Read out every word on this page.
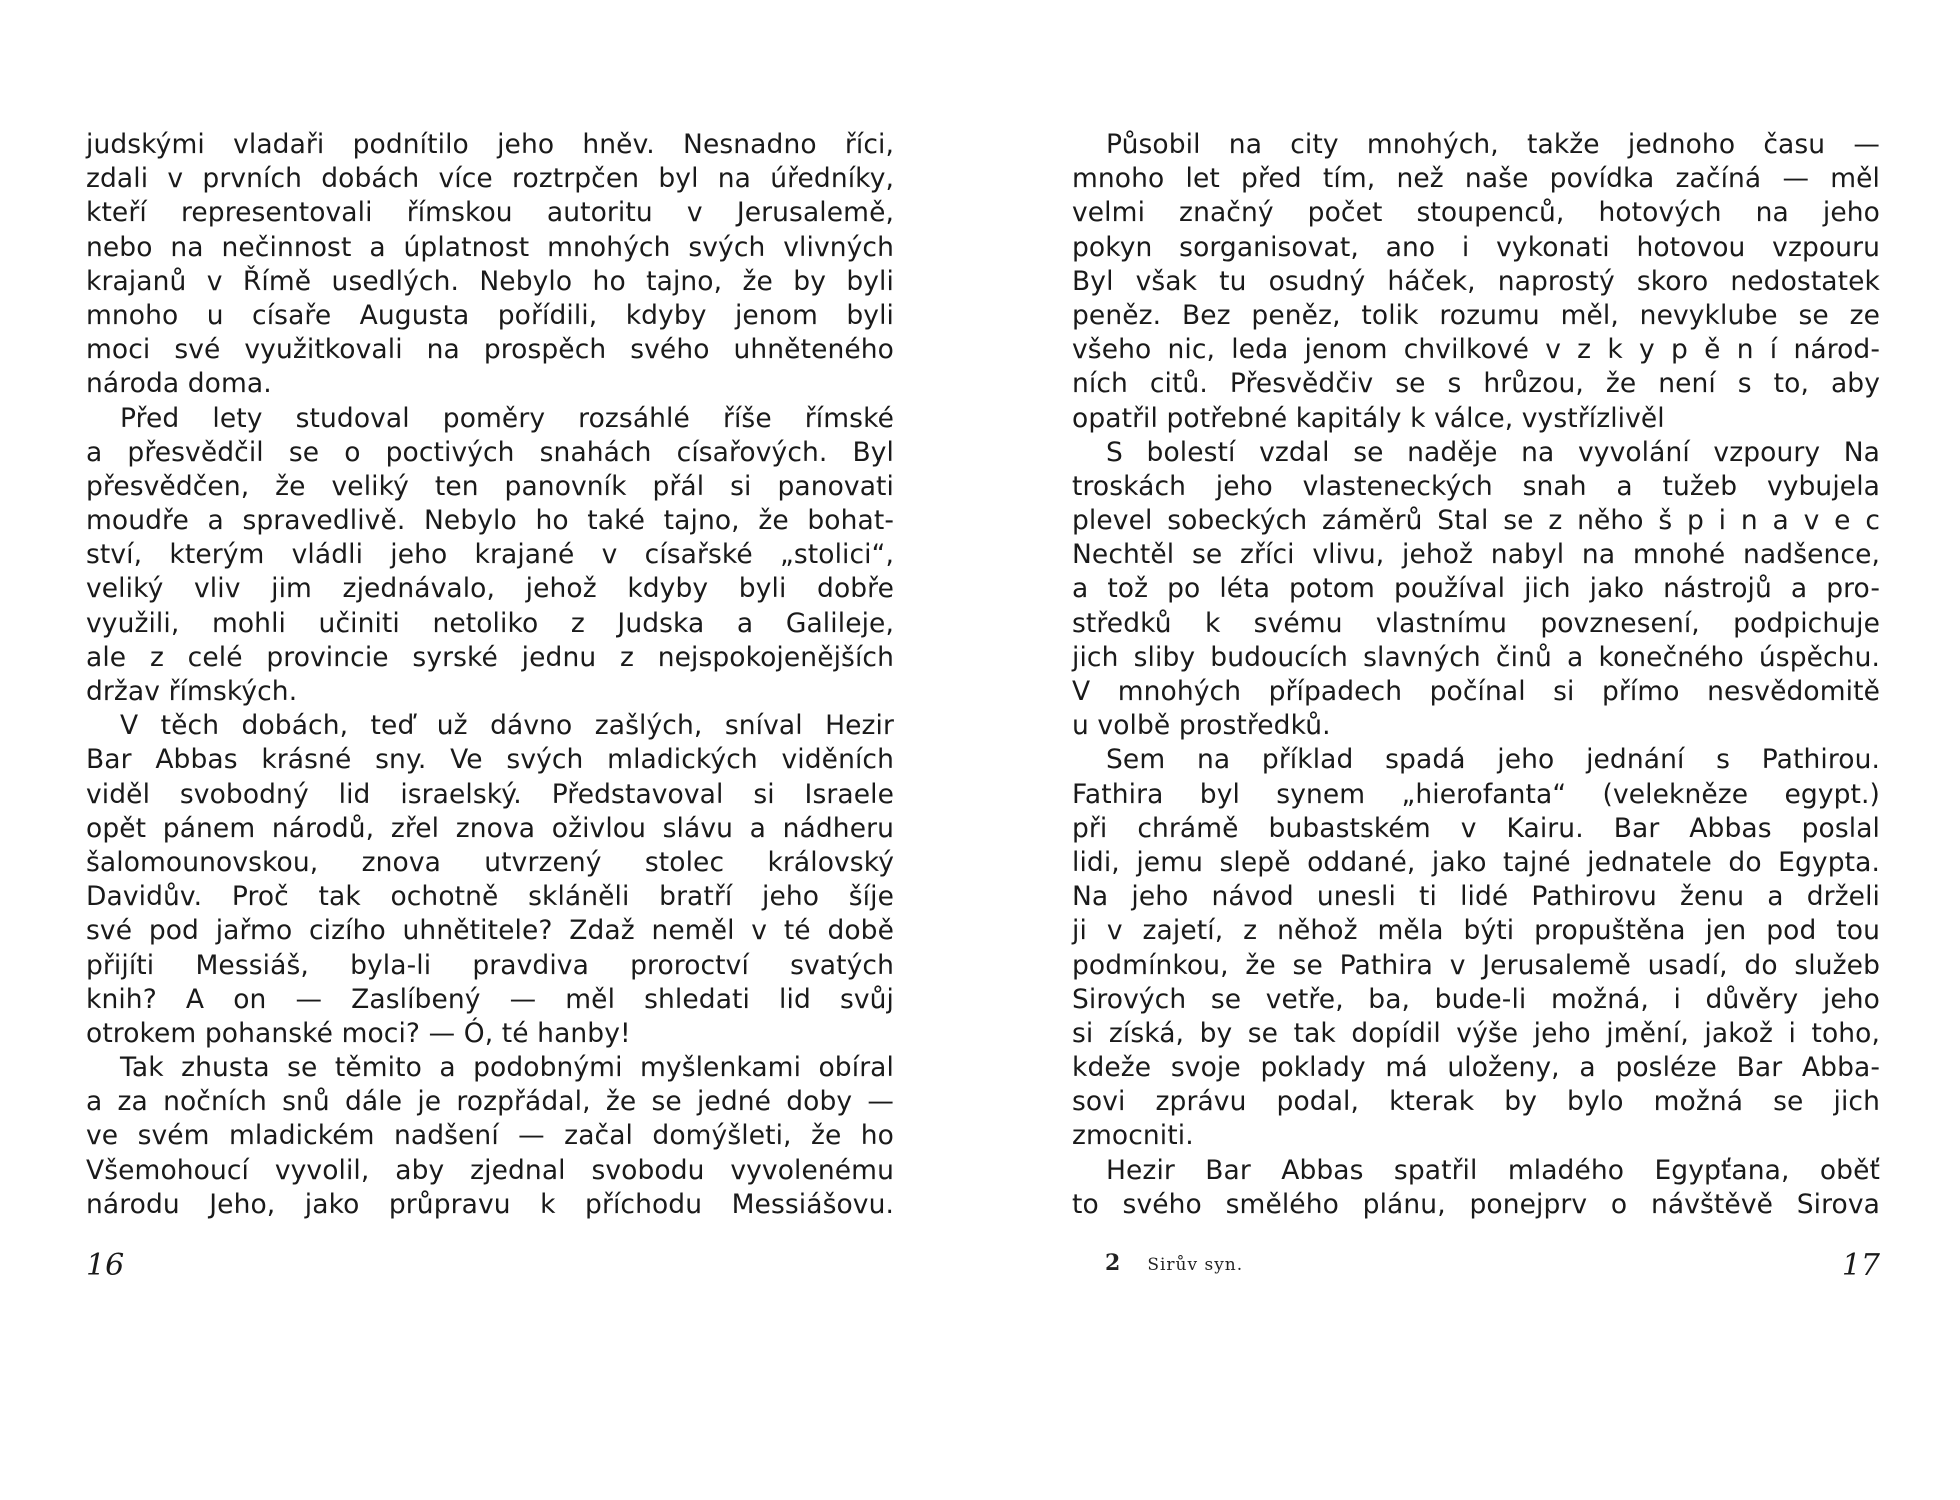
judskými vladaři podnítilo jeho hněv. Nesnadno říci,
zdali v prvních dobách více roztrpčen byl na úředníky,
kteří representovali římskou autoritu v Jerusalemě,
nebo na nečinnost a úplatnost mnohých svých vlivných
krajanů v Římě usedlých. Nebylo ho tajno, že by byli
mnoho u císaře Augusta pořídili, kdyby jenom byli
moci své využitkovali na prospěch svého uhněteného
národa doma.
Před lety studoval poměry rozsáhlé říše římské
a přesvědčil se o poctivých snahách císařových. Byl
přesvědčen, že veliký ten panovník přál si panovati
moudře a spravedlivě. Nebylo ho také tajno, že bohat-
ství, kterým vládli jeho krajané v císařské „stolici“,
veliký vliv jim zjednávalo, jehož kdyby byli dobře
využili, mohli učiniti netoliko z Judska a Galileje,
ale z celé provincie syrské jednu z nejspokojenějších
držav římských.
V těch dobách, teď už dávno zašlých, sníval Hezir
Bar Abbas krásné sny. Ve svých mladických viděních
viděl svobodný lid israelský. Představoval si Israele
opět pánem národů, zřel znova oživlou slávu a nádheru
šalomounovskou, znova utvrzený stolec královský
Davidův. Proč tak ochotně skláněli bratří jeho šíje
své pod jařmo cizího uhnětitele? Zdaž neměl v té době
přijíti Messiáš, byla-li pravdiva proroctví svatých
knih? A on — Zaslíbený — měl shledati lid svůj
otrokem pohanské moci? — Ó, té hanby!
Tak zhusta se těmito a podobnými myšlenkami obíral
a za nočních snů dále je rozpřádal, že se jedné doby —
ve svém mladickém nadšení — začal domýšleti, že ho
Všemohoucí vyvolil, aby zjednal svobodu vyvolenému
národu Jeho, jako průpravu k příchodu Messiášovu.
Působil na city mnohých, takže jednoho času —
mnoho let před tím, než naše povídka začíná — měl
velmi značný počet stoupenců, hotových na jeho
pokyn sorganisovat, ano i vykonati hotovou vzpouru
Byl však tu osudný háček, naprostý skoro nedostatek
peněz. Bez peněz, tolik rozumu měl, nevyklube se ze
všeho nic, leda jenom chvilkové v z k y p ě n í národ-
ních citů. Přesvědčiv se s hrůzou, že není s to, aby
opatřil potřebné kapitály k válce, vystřízlivěl
S bolestí vzdal se naděje na vyvolání vzpoury Na
troskách jeho vlasteneckých snah a tužeb vybujela
plevel sobeckých záměrů Stal se z něho š p i n a v e c
Nechtěl se zříci vlivu, jehož nabyl na mnohé nadšence,
a tož po léta potom používal jich jako nástrojů a pro-
středků k svému vlastnímu povznesení, podpichuje
jich sliby budoucích slavných činů a konečného úspěchu.
V mnohých případech počínal si přímo nesvědomitě
u volbě prostředků.
Sem na příklad spadá jeho jednání s Pathirou.
Fathira byl synem „hierofanta“ (velekněze egypt.)
při chrámě bubastském v Kairu. Bar Abbas poslal
lidi, jemu slepě oddané, jako tajné jednatele do Egypta.
Na jeho návod unesli ti lidé Pathirovu ženu a drželi
ji v zajetí, z něhož měla býti propuštěna jen pod tou
podmínkou, že se Pathira v Jerusalemě usadí, do služeb
Sirových se vetře, ba, bude-li možná, i důvěry jeho
si získá, by se tak dopídil výše jeho jmění, jakož i toho,
kdeže svoje poklady má uloženy, a posléze Bar Abba-
sovi zprávu podal, kterak by bylo možná se jich
zmocniti.
Hezir Bar Abbas spatřil mladého Egypťana, oběť
to svého smělého plánu, ponejprv o návštěvě Sirova
16	2 Sirův syn.	17
